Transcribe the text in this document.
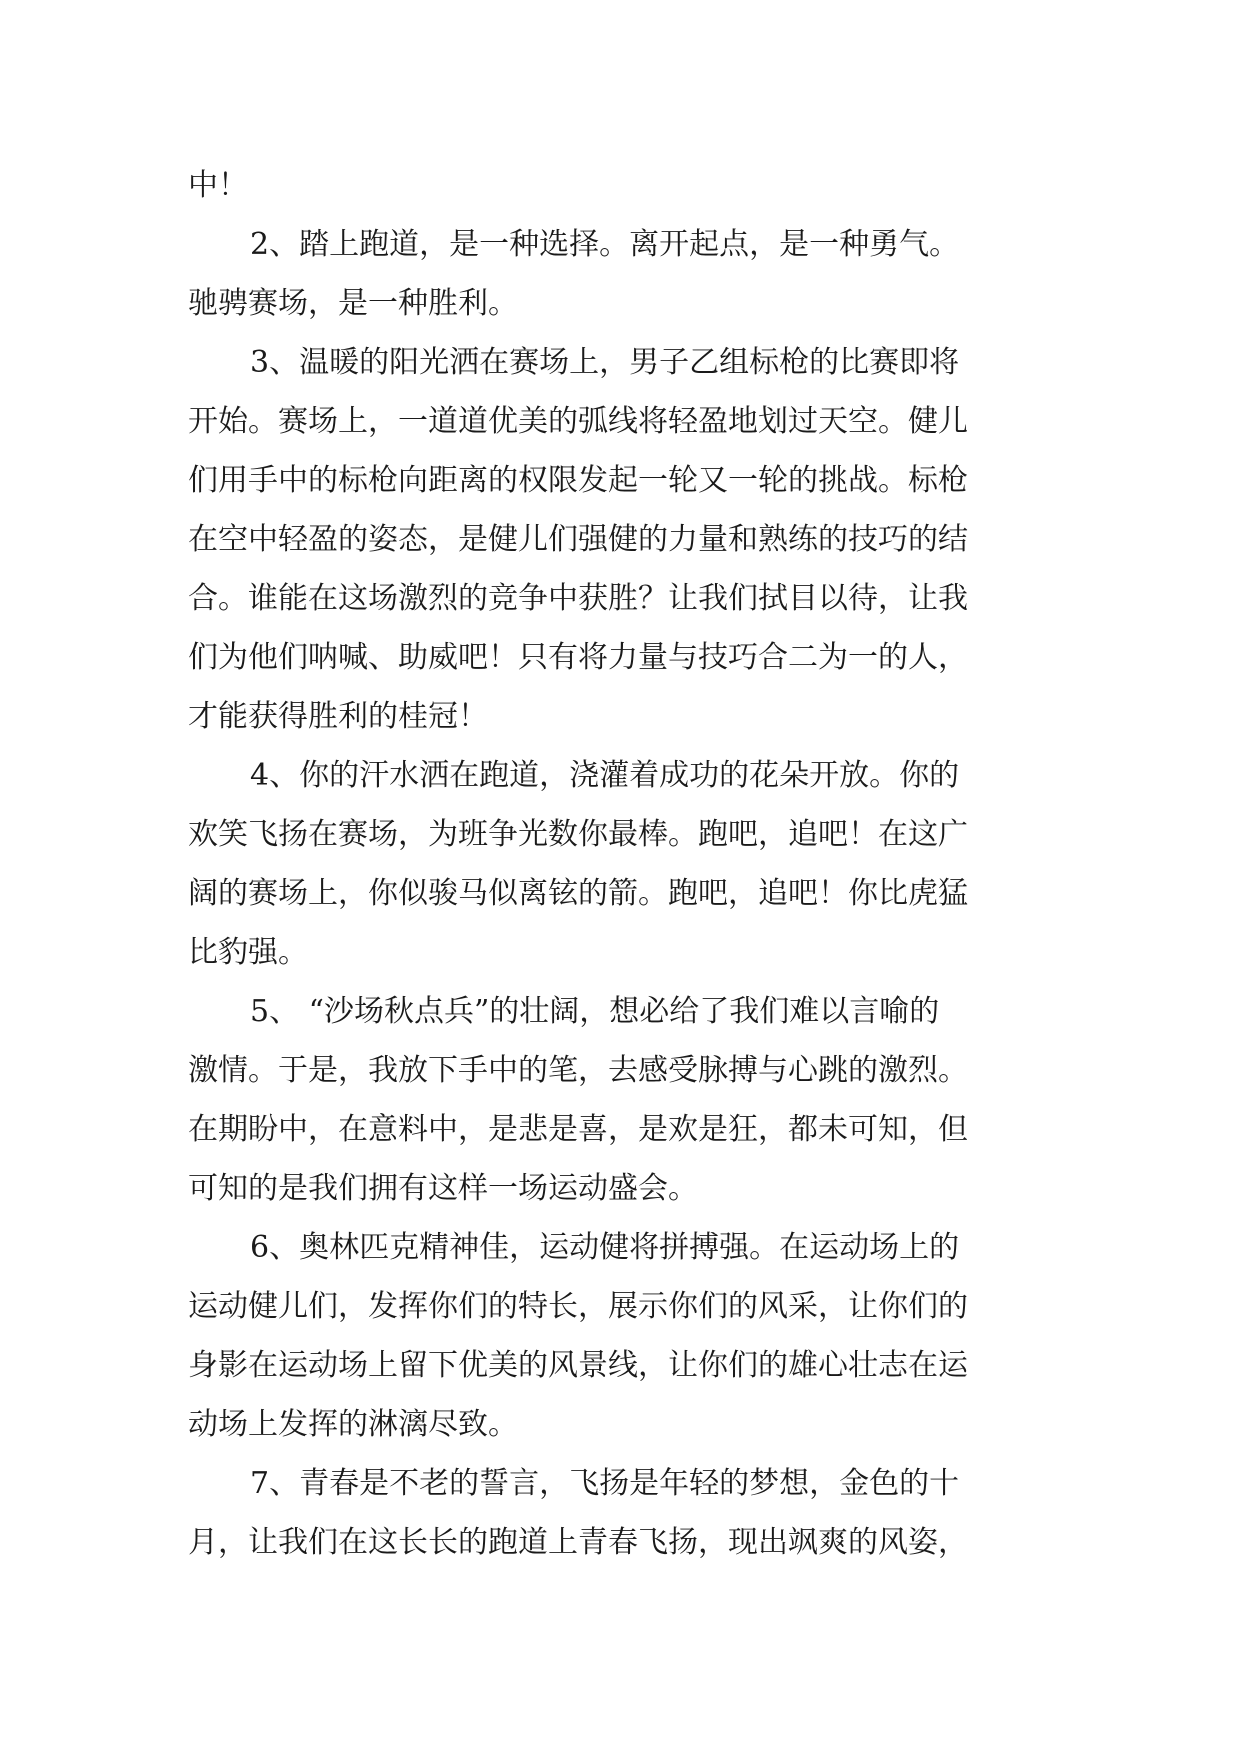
中！
2、踏上跑道，是一种选择。离开起点，是一种勇气。
驰骋赛场，是一种胜利。
3、温暖的阳光洒在赛场上，男子乙组标枪的比赛即将
开始。赛场上，一道道优美的弧线将轻盈地划过天空。健儿
们用手中的标枪向距离的权限发起一轮又一轮的挑战。标枪
在空中轻盈的姿态，是健儿们强健的力量和熟练的技巧的结
合。谁能在这场激烈的竞争中获胜？让我们拭目以待，让我
们为他们呐喊、助威吧！只有将力量与技巧合二为一的人，
才能获得胜利的桂冠！
4、你的汗水洒在跑道，浇灌着成功的花朵开放。你的
欢笑飞扬在赛场，为班争光数你最棒。跑吧，追吧！在这广
阔的赛场上，你似骏马似离铉的箭。跑吧，追吧！你比虎猛
比豹强。
5、 “沙场秋点兵”的壮阔，想必给了我们难以言喻的
激情。于是，我放下手中的笔，去感受脉搏与心跳的激烈。
在期盼中，在意料中，是悲是喜，是欢是狂，都未可知，但
可知的是我们拥有这样一场运动盛会。
6、奥林匹克精神佳，运动健将拼搏强。在运动场上的
运动健儿们，发挥你们的特长，展示你们的风采，让你们的
身影在运动场上留下优美的风景线，让你们的雄心壮志在运
动场上发挥的淋漓尽致。
7、青春是不老的誓言，飞扬是年轻的梦想，金色的十
月，让我们在这长长的跑道上青春飞扬，现出飒爽的风姿，
